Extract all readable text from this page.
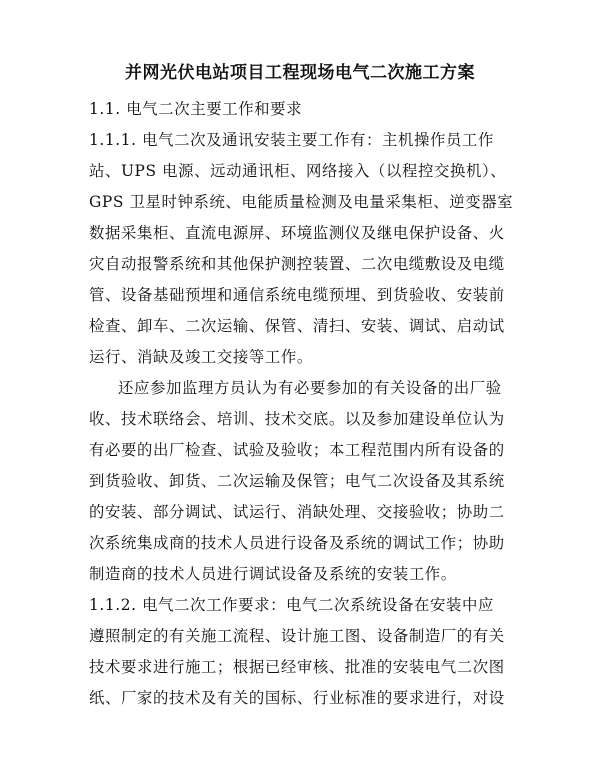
并网光伏电站项目工程现场电气二次施工方案
1.1. 电气二次主要工作和要求
1.1.1. 电气二次及通讯安装主要工作有：主机操作员工作
站、UPS 电源、远动通讯柜、网络接入（以程控交换机）、
GPS 卫星时钟系统、电能质量检测及电量采集柜、逆变器室
数据采集柜、直流电源屏、环境监测仪及继电保护设备、火
灾自动报警系统和其他保护测控装置、二次电缆敷设及电缆
管、设备基础预埋和通信系统电缆预埋、到货验收、安装前
检查、卸车、二次运输、保管、清扫、安装、调试、启动试
运行、消缺及竣工交接等工作。
还应参加监理方员认为有必要参加的有关设备的出厂验
收、技术联络会、培训、技术交底。以及参加建设单位认为
有必要的出厂检查、试验及验收；本工程范围内所有设备的
到货验收、卸货、二次运输及保管；电气二次设备及其系统
的安装、部分调试、试运行、消缺处理、交接验收；协助二
次系统集成商的技术人员进行设备及系统的调试工作；协助
制造商的技术人员进行调试设备及系统的安装工作。
1.1.2. 电气二次工作要求：电气二次系统设备在安装中应
遵照制定的有关施工流程、设计施工图、设备制造厂的有关
技术要求进行施工；根据已经审核、批准的安装电气二次图
纸、厂家的技术及有关的国标、行业标准的要求进行，对设
